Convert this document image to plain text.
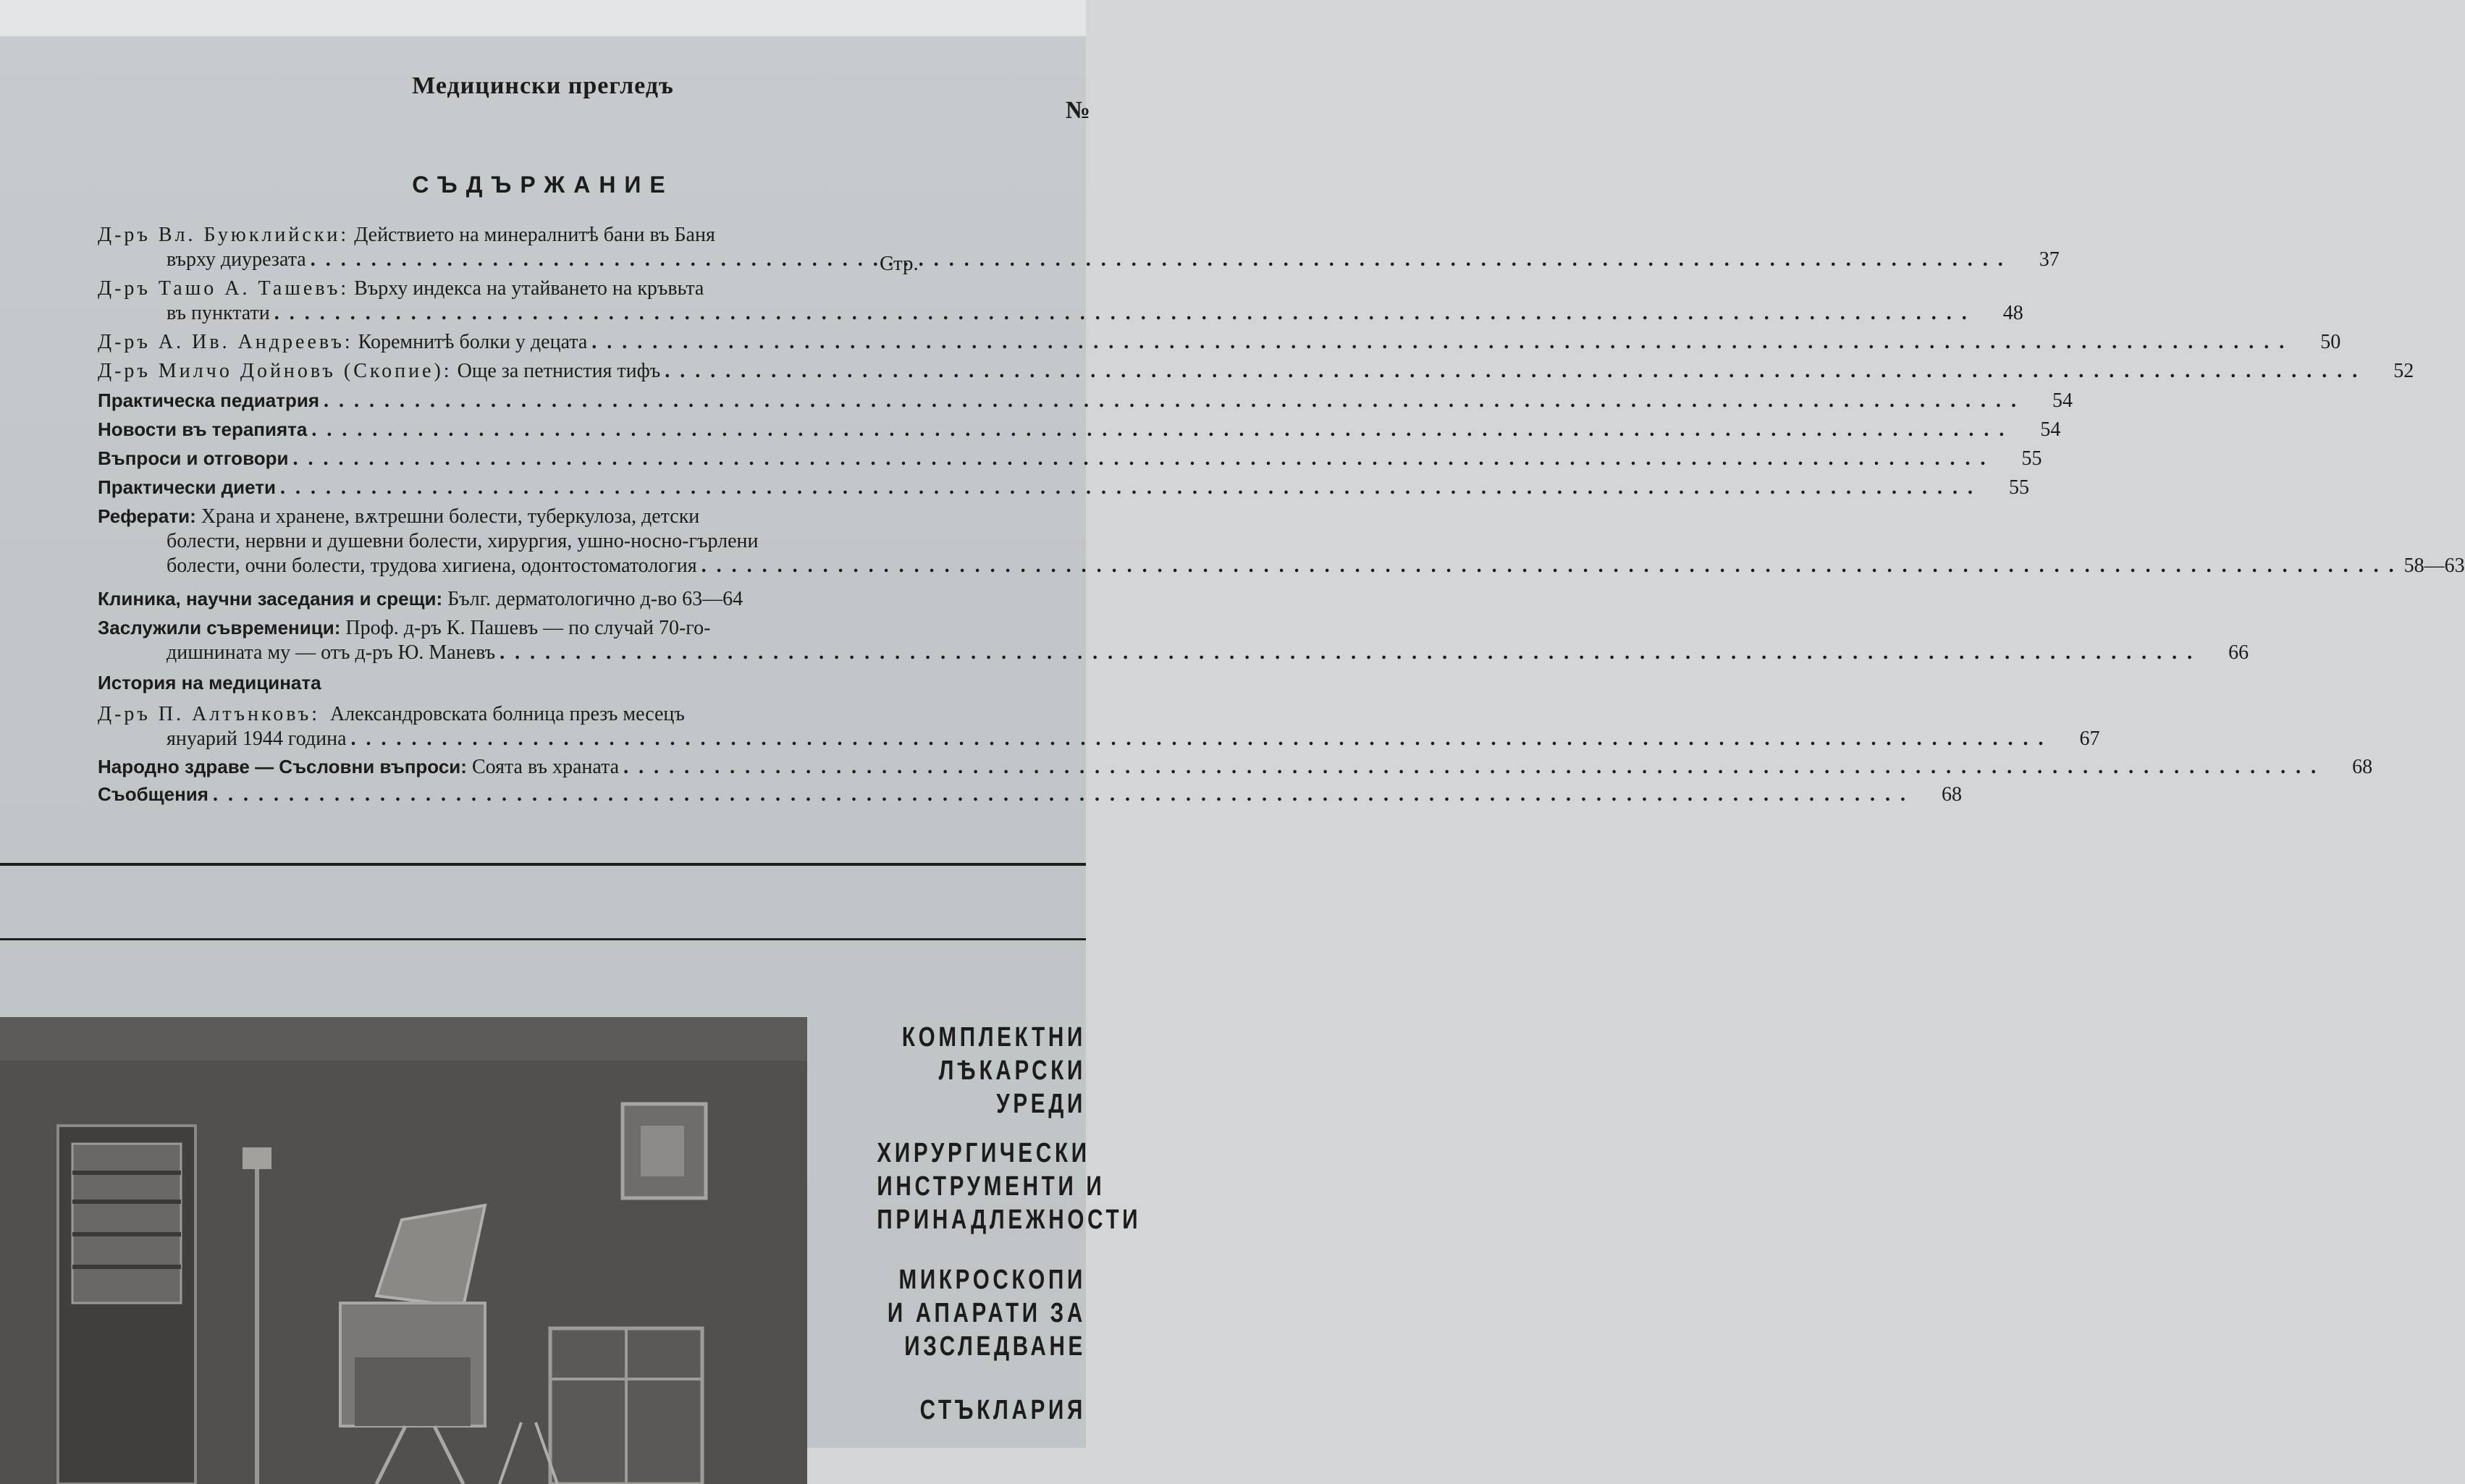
Медицински прегледъ
№
СЪДЪРЖАНИЕ
Стр.
Д-ръ Вл. Буюклийски:
Действието на минералнитѣ бани въ Баня
върху диурезата .....	37
Д-ръ Ташо А. Ташевъ:
Върху индекса на утайването на кръвьта
въ пунктати .....	48
Д-ръ А. Ив. Андреевъ:
Коремнитѣ болки у децата .....	50
Д-ръ Милчо Дойновъ (Скопие):
Още за петнистия тифъ .....	52
Практическа педиатрия .....	54
Новости въ терапията .....	54
Въпроси и отговори .....	55
Практически диети .....	55
Реферати:
Храна и хранене, вѫтрешни болести, туберкулоза, детски
болести, нервни и душевни болести, хирургия, ушно-носно-гърлени
болести, очни болести, трудова хигиена, одонтостоматология .....	58—63
Клиника, научни заседания и срещи:
Бълг. дерматологично д-во
63—64
Заслужили съвременици:
Проф. д-ръ К. Пашевъ — по случай 70-го-
дишнината му — отъ д-ръ Ю. Маневъ .....	66
История на медицината
Д-ръ П. Алтънковъ:
Александровската болница презъ месецъ
януарий 1944 година .....	67
Народно здраве — Съсловни въпроси:
Соята въ храната .....	68
Съобщения .....	68
КОМПЛЕКТНИ
ЛѢКАРСКИ
УРЕДИ
ХИРУРГИЧЕСКИ
ИНСТРУМЕНТИ И
ПРИНАДЛЕЖНОСТИ
МИКРОСКОПИ
И АПАРАТИ ЗА
ИЗСЛЕДВАНЕ
СТЪКЛАРИЯ
